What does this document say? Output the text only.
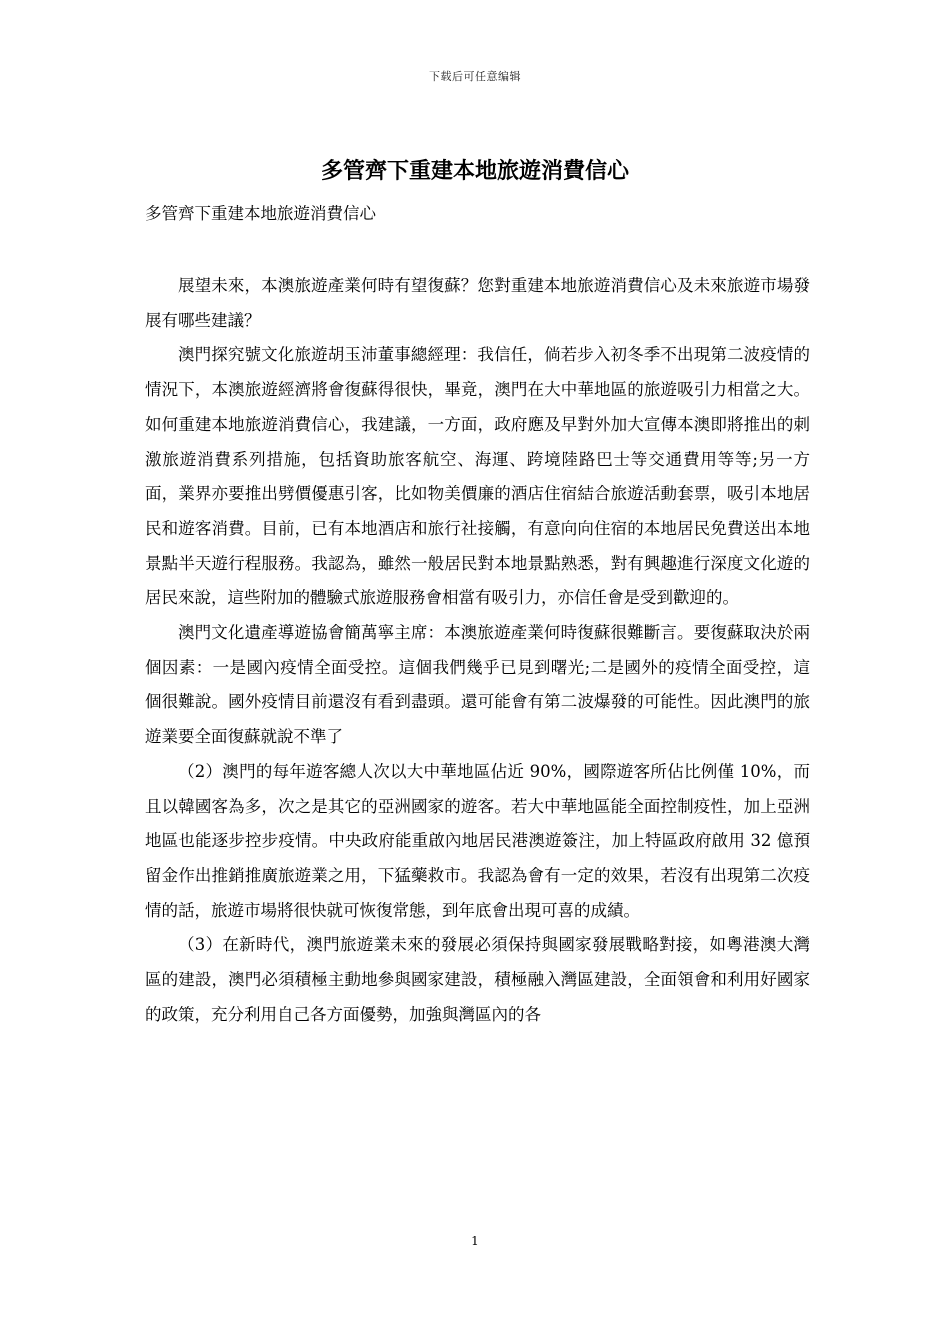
下载后可任意编辑
多管齊下重建本地旅遊消費信心
多管齊下重建本地旅遊消費信心

展望未來，本澳旅遊產業何時有望復蘇？您對重建本地旅遊消費信心及未來旅遊市場發展有哪些建議？

澳門探究號文化旅遊胡玉沛董事總經理：我信任，倘若步入初冬季不出現第二波疫情的情況下，本澳旅遊經濟將會復蘇得很快，畢竟，澳門在大中華地區的旅遊吸引力相當之大。如何重建本地旅遊消費信心，我建議，一方面，政府應及早對外加大宣傳本澳即將推出的刺激旅遊消費系列措施，包括資助旅客航空、海運、跨境陸路巴士等交通費用等等;另一方面，業界亦要推出劈價優惠引客，比如物美價廉的酒店住宿結合旅遊活動套票，吸引本地居民和遊客消費。目前，已有本地酒店和旅行社接觸，有意向向住宿的本地居民免費送出本地景點半天遊行程服務。我認為，雖然一般居民對本地景點熟悉，對有興趣進行深度文化遊的居民來說，這些附加的體驗式旅遊服務會相當有吸引力，亦信任會是受到歡迎的。

澳門文化遺產導遊協會簡萬寧主席：本澳旅遊產業何時復蘇很難斷言。要復蘇取決於兩個因素：一是國內疫情全面受控。這個我們幾乎已見到曙光;二是國外的疫情全面受控，這個很難說。國外疫情目前還沒有看到盡頭。還可能會有第二波爆發的可能性。因此澳門的旅遊業要全面復蘇就說不準了

（2）澳門的每年遊客總人次以大中華地區佔近 90%，國際遊客所佔比例僅 10%，而且以韓國客為多，次之是其它的亞洲國家的遊客。若大中華地區能全面控制疫性，加上亞洲地區也能逐步控步疫情。中央政府能重啟內地居民港澳遊簽注，加上特區政府啟用 32 億預留金作出推銷推廣旅遊業之用，下猛藥救市。我認為會有一定的效果，若沒有出現第二次疫情的話，旅遊市場將很快就可恢復常態，到年底會出現可喜的成績。

（3）在新時代，澳門旅遊業未來的發展必須保持與國家發展戰略對接，如粵港澳大灣區的建設，澳門必須積極主動地參與國家建設，積極融入灣區建設，全面領會和利用好國家的政策，充分利用自己各方面優勢，加強與灣區內的各

1
